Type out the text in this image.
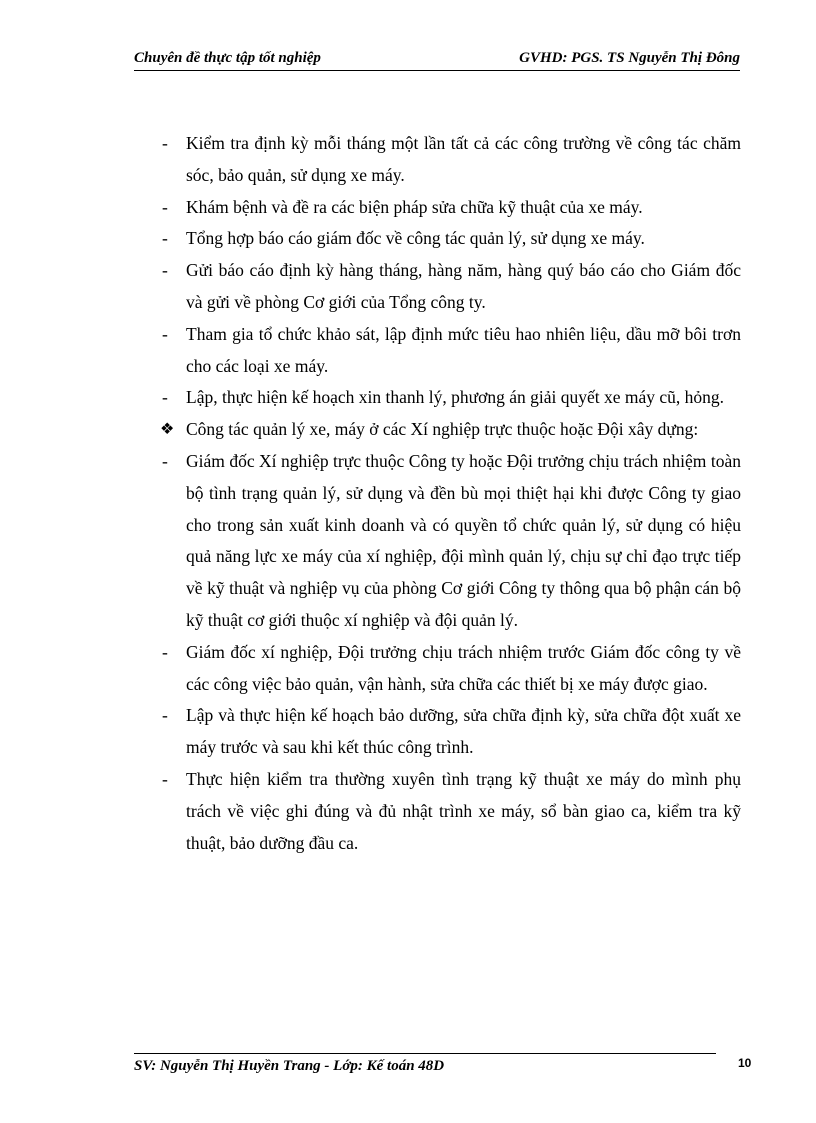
Chuyên đề thực tập tốt nghiệp	GVHD: PGS. TS Nguyễn Thị Đông
-	Kiểm tra định kỳ mỗi tháng một lần tất cả các công trường về công tác chăm sóc, bảo quản, sử dụng xe máy.
-	Khám bệnh và đề ra các biện pháp sửa chữa kỹ thuật của xe máy.
-	Tổng hợp báo cáo giám đốc về công tác quản lý, sử dụng xe máy.
-	Gửi báo cáo định kỳ hàng tháng, hàng năm, hàng quý báo cáo cho Giám đốc và gửi về phòng Cơ giới của Tổng công ty.
-	Tham gia tổ chức khảo sát, lập định mức tiêu hao nhiên liệu, dầu mỡ bôi trơn cho các loại xe máy.
-	Lập, thực hiện kế hoạch xin thanh lý, phương án giải quyết xe máy cũ, hỏng.
❖ Công tác quản lý xe, máy ở các Xí nghiệp trực thuộc hoặc Đội xây dựng:
-	Giám đốc Xí nghiệp trực thuộc Công ty hoặc Đội trưởng chịu trách nhiệm toàn bộ tình trạng quản lý, sử dụng và đền bù mọi thiệt hại khi được Công ty giao cho trong sản xuất kinh doanh và có quyền tổ chức quản lý, sử dụng có hiệu quả năng lực xe máy của xí nghiệp, đội mình quản lý, chịu sự chỉ đạo trực tiếp về kỹ thuật và nghiệp vụ của phòng Cơ giới Công ty thông qua bộ phận cán bộ kỹ thuật cơ giới thuộc xí nghiệp và đội quản lý.
-	Giám đốc xí nghiệp, Đội trưởng chịu trách nhiệm trước Giám đốc công ty về các công việc bảo quản, vận hành, sửa chữa các thiết bị xe máy được giao.
-	Lập và thực hiện kế hoạch bảo dưỡng, sửa chữa định kỳ, sửa chữa đột xuất xe máy trước và sau khi kết thúc công trình.
-	Thực hiện kiểm tra thường xuyên tình trạng kỹ thuật xe máy do mình phụ trách về việc ghi đúng và đủ nhật trình xe máy, sổ bàn giao ca, kiểm tra kỹ thuật, bảo dưỡng đầu ca.
SV: Nguyễn Thị Huyền Trang - Lớp: Kế toán 48D	10
